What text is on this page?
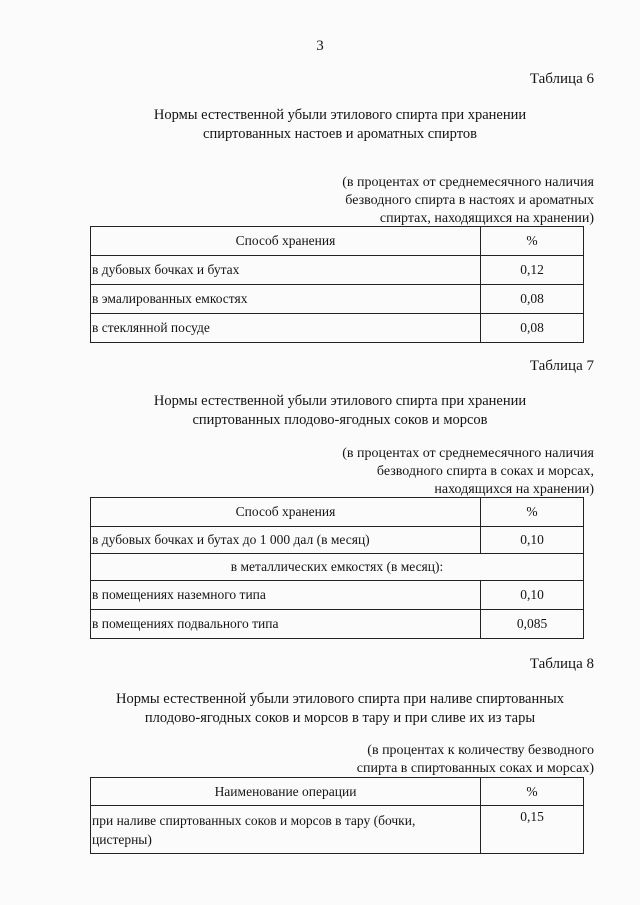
3
Таблица 6
Нормы естественной убыли этилового спирта при хранении
спиртованных настоев и ароматных спиртов
(в процентах от среднемесячного наличия
безводного спирта в настоях и ароматных
спиртах, находящихся на хранении)
Способ хранения	%
в дубовых бочках и бутах	0,12
в эмалированных емкостях	0,08
в стеклянной посуде	0,08
Таблица 7
Нормы естественной убыли этилового спирта при хранении
спиртованных плодово-ягодных соков и морсов
(в процентах от среднемесячного наличия
безводного спирта в соках и морсах,
находящихся на хранении)
Способ хранения	%
в дубовых бочках и бутах до 1 000 дал (в месяц)	0,10
в металлических емкостях (в месяц):	
в помещениях наземного типа	0,10
в помещениях подвального типа	0,085
Таблица 8
Нормы естественной убыли этилового спирта при наливе спиртованных
плодово-ягодных соков и морсов в тару и при сливе их из тары
(в процентах к количеству безводного
спирта в спиртованных соках и морсах)
Наименование операции	%

при наливе спиртованных соков и морсов в тару (бочки,
цистерны)	0,15
